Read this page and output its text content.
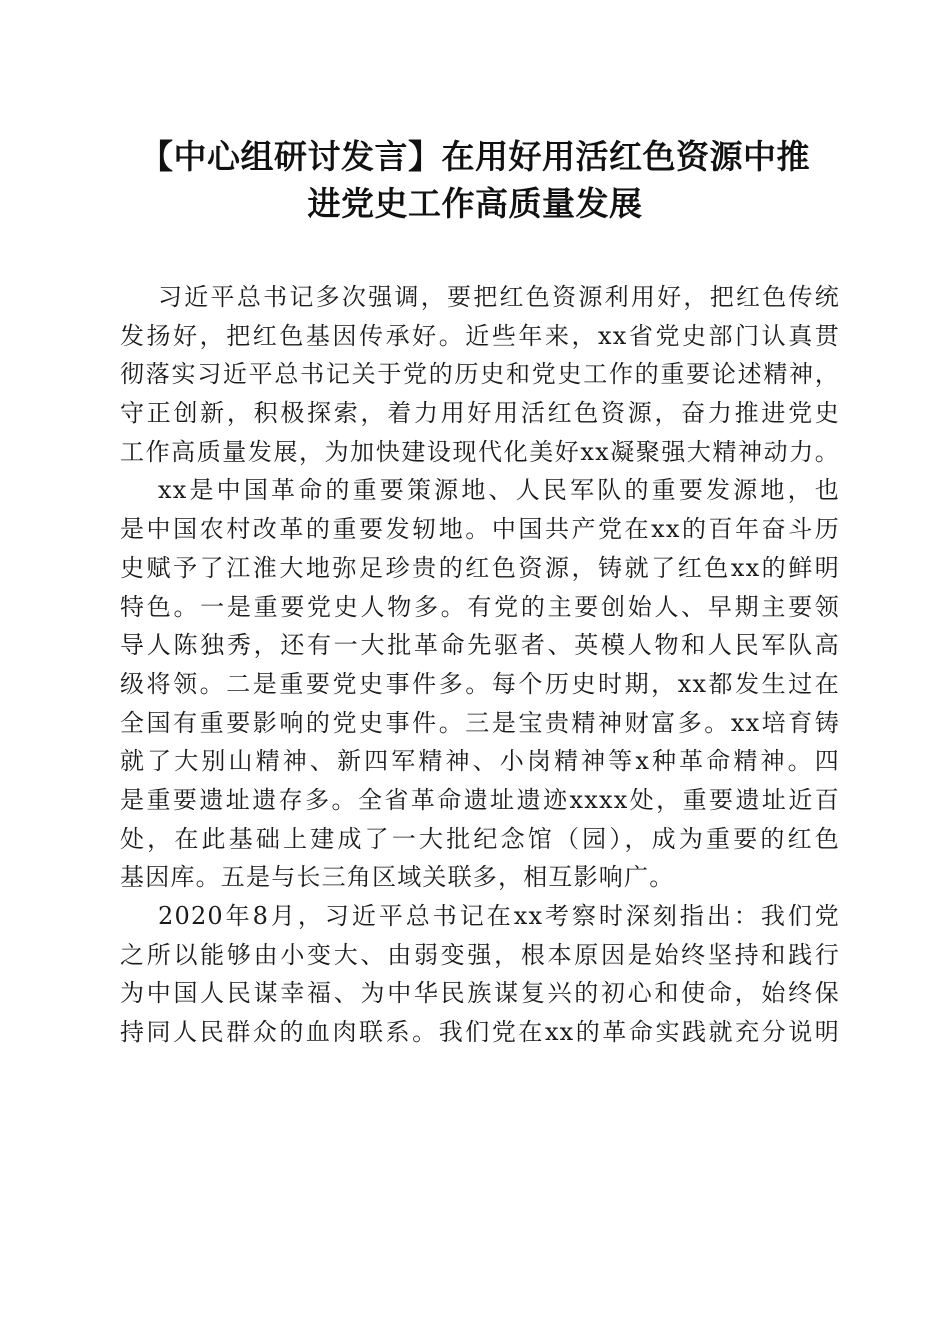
【中心组研讨发言】在用好用活红色资源中推
进党史工作高质量发展
习近平总书记多次强调，要把红色资源利用好，把红色传统
发扬好，把红色基因传承好。近些年来，xx省党史部门认真贯
彻落实习近平总书记关于党的历史和党史工作的重要论述精神，
守正创新，积极探索，着力用好用活红色资源，奋力推进党史
工作高质量发展，为加快建设现代化美好xx凝聚强大精神动力。
xx是中国革命的重要策源地、人民军队的重要发源地，也
是中国农村改革的重要发轫地。中国共产党在xx的百年奋斗历
史赋予了江淮大地弥足珍贵的红色资源，铸就了红色xx的鲜明
特色。一是重要党史人物多。有党的主要创始人、早期主要领
导人陈独秀，还有一大批革命先驱者、英模人物和人民军队高
级将领。二是重要党史事件多。每个历史时期，xx都发生过在
全国有重要影响的党史事件。三是宝贵精神财富多。xx培育铸
就了大别山精神、新四军精神、小岗精神等x种革命精神。四
是重要遗址遗存多。全省革命遗址遗迹xxxx处，重要遗址近百
处，在此基础上建成了一大批纪念馆（园），成为重要的红色
基因库。五是与长三角区域关联多，相互影响广。
2020年8月，习近平总书记在xx考察时深刻指出：我们党
之所以能够由小变大、由弱变强，根本原因是始终坚持和践行
为中国人民谋幸福、为中华民族谋复兴的初心和使命，始终保
持同人民群众的血肉联系。我们党在xx的革命实践就充分说明
